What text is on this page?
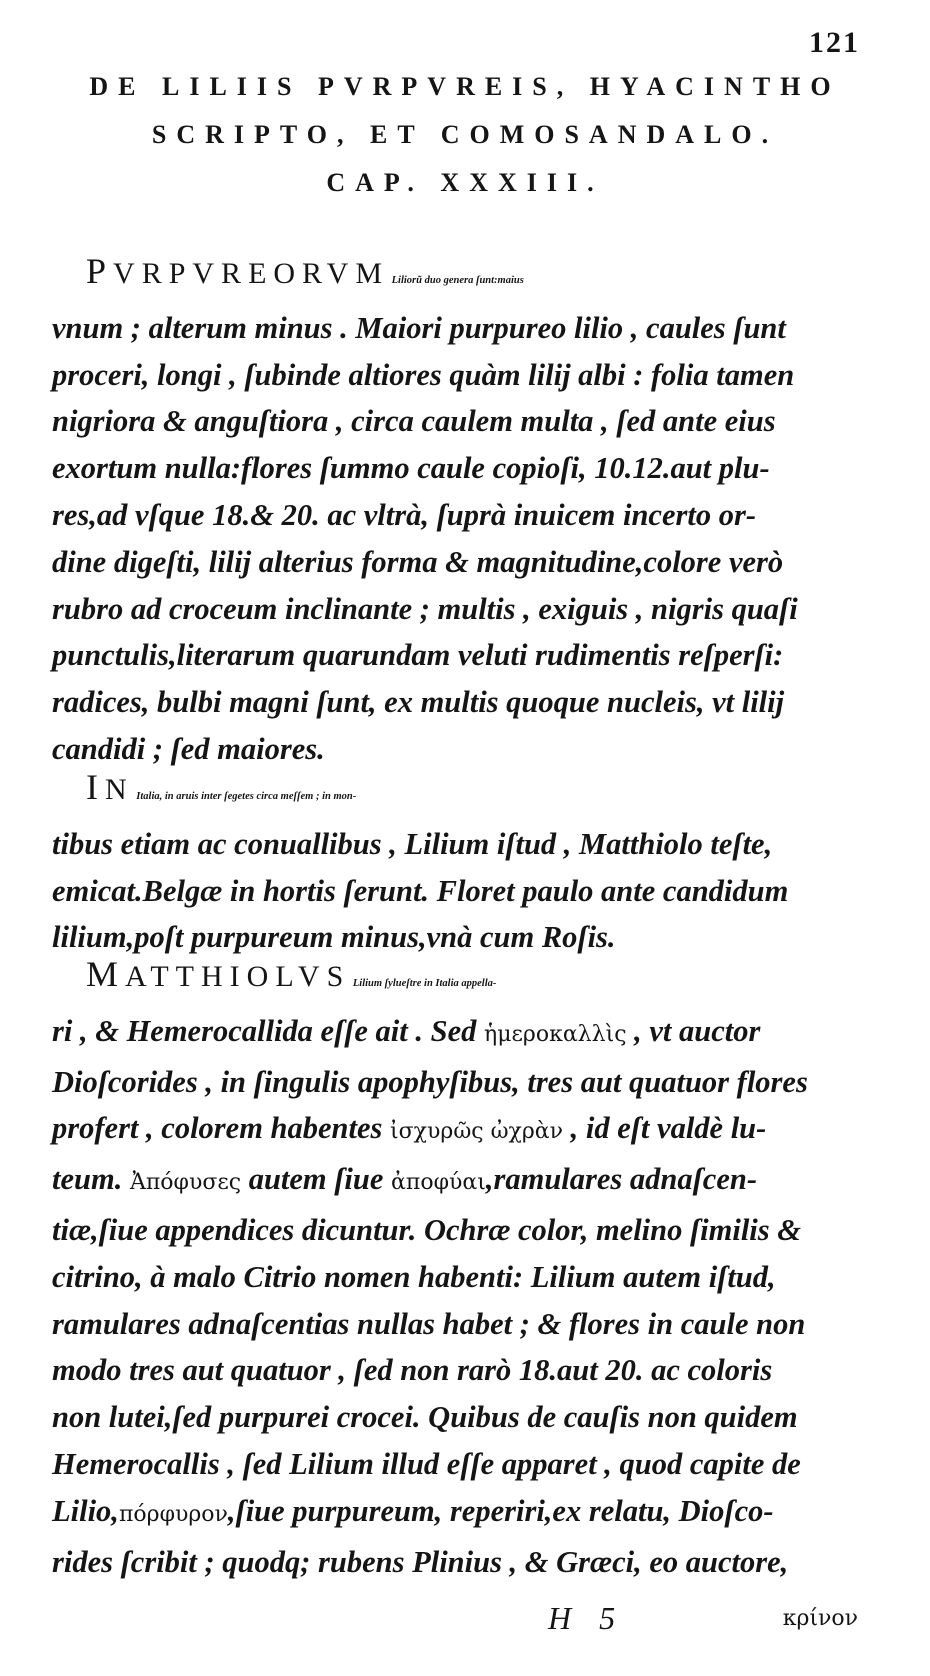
121
DE LILIIS PVRPVREIS, HYACINTHO
SCRIPTO, ET COMOSANDALO.
CAP. XXXIII.
PVRPVREORVM Liliorũ duo genera ſunt:maius
vnum ; alterum minus . Maiori purpureo lilio , caules ſunt
proceri, longi , ſubinde altiores quàm lilij albi : folia tamen
nigriora & anguſtiora , circa caulem multa , ſed ante eius
exortum nulla:flores ſummo caule copioſi, 10.12.aut plu-
res,ad vſque 18.& 20. ac vltrà, ſuprà inuicem incerto or-
dine digeſti, lilij alterius forma & magnitudine,colore verò
rubro ad croceum inclinante ; multis , exiguis , nigris quaſi
punctulis,literarum quarundam veluti rudimentis reſperſi:
radices, bulbi magni ſunt, ex multis quoque nucleis, vt lilij
candidi ; ſed maiores.
IN Italia, in aruis inter ſegetes circa meſſem ; in mon-
tibus etiam ac conuallibus , Lilium iſtud , Matthiolo teſte,
emicat.Belgæ in hortis ſerunt. Floret paulo ante candidum
lilium,poſt purpureum minus,vnà cum Roſis.
MATTHIOLVS Lilium ſylueſtre in Italia appella-
ri , & Hemerocallida eſſe ait . Sed ἡμεροκαλλὶς , vt auctor
Dioſcorides , in ſingulis apophyſibus, tres aut quatuor flores
profert , colorem habentes ἰσχυρῶς ὠχρὰν , id eſt valdè lu-
teum. Ἀπόφυσες autem ſiue ἀποφύαι,ramulares adnaſcen-
tiæ,ſiue appendices dicuntur. Ochræ color, melino ſimilis &
citrino, à malo Citrio nomen habenti: Lilium autem iſtud,
ramulares adnaſcentias nullas habet ; & flores in caule non
modo tres aut quatuor , ſed non rarò 18.aut 20. ac coloris
non lutei,ſed purpurei crocei. Quibus de cauſis non quidem
Hemerocallis , ſed Lilium illud eſſe apparet , quod capite de
Lilio,πόρφυρον,ſiue purpureum, reperiri,ex relatu, Dioſco-
rides ſcribit ; quodq; rubens Plinius , & Græci, eo auctore,
H 5	κρίνον
